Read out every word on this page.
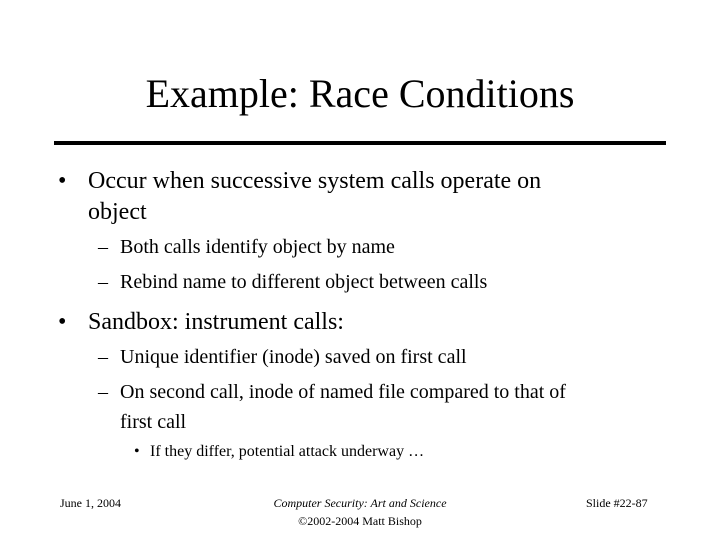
Example: Race Conditions
• Occur when successive system calls operate on
object
– Both calls identify object by name
– Rebind name to different object between calls
• Sandbox: instrument calls:
– Unique identifier (inode) saved on first call
– On second call, inode of named file compared to that of
first call
• If they differ, potential attack underway …
June 1, 2004	Computer Security: Art and Science
©2002-2004 Matt Bishop
Slide #22-87
